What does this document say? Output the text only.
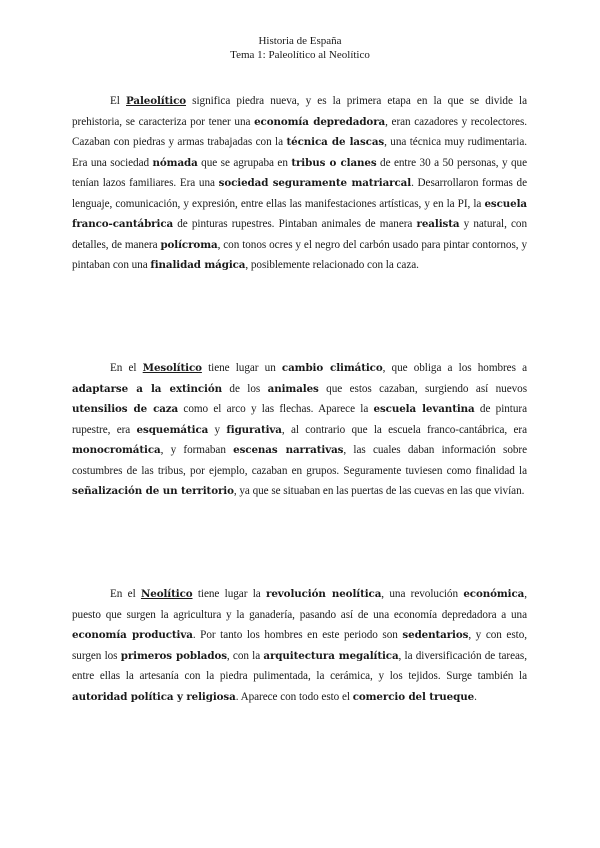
Historia de España
Tema 1: Paleolítico al Neolítico

El Paleolítico significa piedra nueva, y es la primera etapa en la que se divide la prehistoria, se caracteriza por tener una economía depredadora, eran cazadores y recolectores. Cazaban con piedras y armas trabajadas con la técnica de lascas, una técnica muy rudimentaria. Era una sociedad nómada que se agrupaba en tribus o clanes de entre 30 a 50 personas, y que tenían lazos familiares. Era una sociedad seguramente matriarcal. Desarrollaron formas de lenguaje, comunicación, y expresión, entre ellas las manifestaciones artísticas, y en la PI, la escuela franco-cantábrica de pinturas rupestres. Pintaban animales de manera realista y natural, con detalles, de manera polícroma, con tonos ocres y el negro del carbón usado para pintar contornos, y pintaban con una finalidad mágica, posiblemente relacionado con la caza.

En el Mesolítico tiene lugar un cambio climático, que obliga a los hombres a adaptarse a la extinción de los animales que estos cazaban, surgiendo así nuevos utensilios de caza como el arco y las flechas. Aparece la escuela levantina de pintura rupestre, era esquemática y figurativa, al contrario que la escuela franco-cantábrica, era monocromática, y formaban escenas narrativas, las cuales daban información sobre costumbres de las tribus, por ejemplo, cazaban en grupos. Seguramente tuviesen como finalidad la señalización de un territorio, ya que se situaban en las puertas de las cuevas en las que vivían.

En el Neolítico tiene lugar la revolución neolítica, una revolución económica, puesto que surgen la agricultura y la ganadería, pasando así de una economía depredadora a una economía productiva. Por tanto los hombres en este periodo son sedentarios, y con esto, surgen los primeros poblados, con la arquitectura megalítica, la diversificación de tareas, entre ellas la artesanía con la piedra pulimentada, la cerámica, y los tejidos. Surge también la autoridad política y religiosa. Aparece con todo esto el comercio del trueque.
